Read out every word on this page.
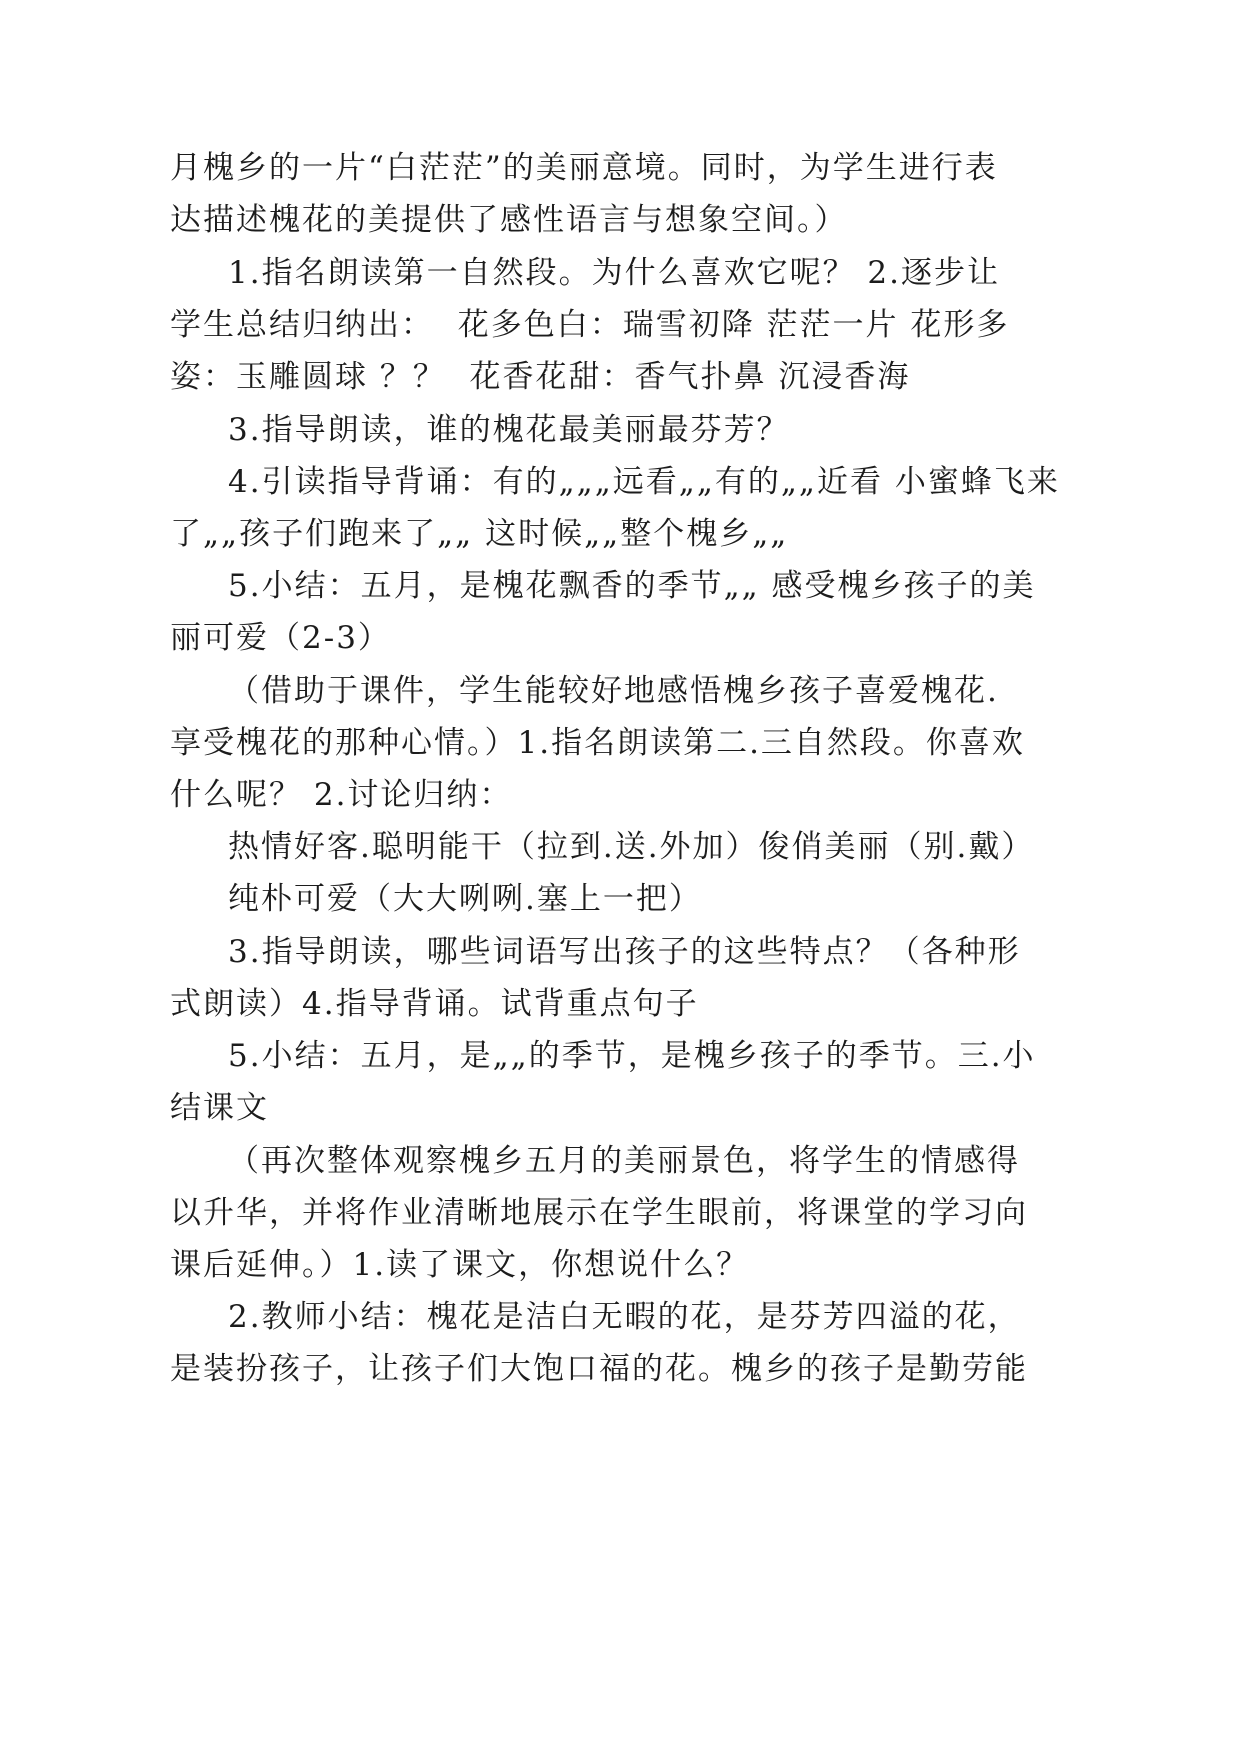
月槐乡的一片“白茫茫”的美丽意境。同时，为学生进行表
达描述槐花的美提供了感性语言与想象空间。）
1.指名朗读第一自然段。为什么喜欢它呢？ 2.逐步让
学生总结归纳出：  花多色白：瑞雪初降 茫茫一片 花形多
姿：玉雕圆球 ？？  花香花甜：香气扑鼻 沉浸香海
3.指导朗读，谁的槐花最美丽最芬芳？
4.引读指导背诵：有的„„„远看„„有的„„近看 小蜜蜂飞来
了„„孩子们跑来了„„ 这时候„„整个槐乡„„
5.小结：五月，是槐花飘香的季节„„ 感受槐乡孩子的美
丽可爱（2-3）
（借助于课件，学生能较好地感悟槐乡孩子喜爱槐花.
享受槐花的那种心情。）1.指名朗读第二.三自然段。你喜欢
什么呢？ 2.讨论归纳：
热情好客.聪明能干（拉到.送.外加）俊俏美丽（别.戴）
纯朴可爱（大大咧咧.塞上一把）
3.指导朗读，哪些词语写出孩子的这些特点？（各种形
式朗读）4.指导背诵。试背重点句子
5.小结：五月，是„„的季节，是槐乡孩子的季节。三.小
结课文
（再次整体观察槐乡五月的美丽景色，将学生的情感得
以升华，并将作业清晰地展示在学生眼前，将课堂的学习向
课后延伸。）1.读了课文，你想说什么？
2.教师小结：槐花是洁白无暇的花，是芬芳四溢的花，
是装扮孩子，让孩子们大饱口福的花。槐乡的孩子是勤劳能
